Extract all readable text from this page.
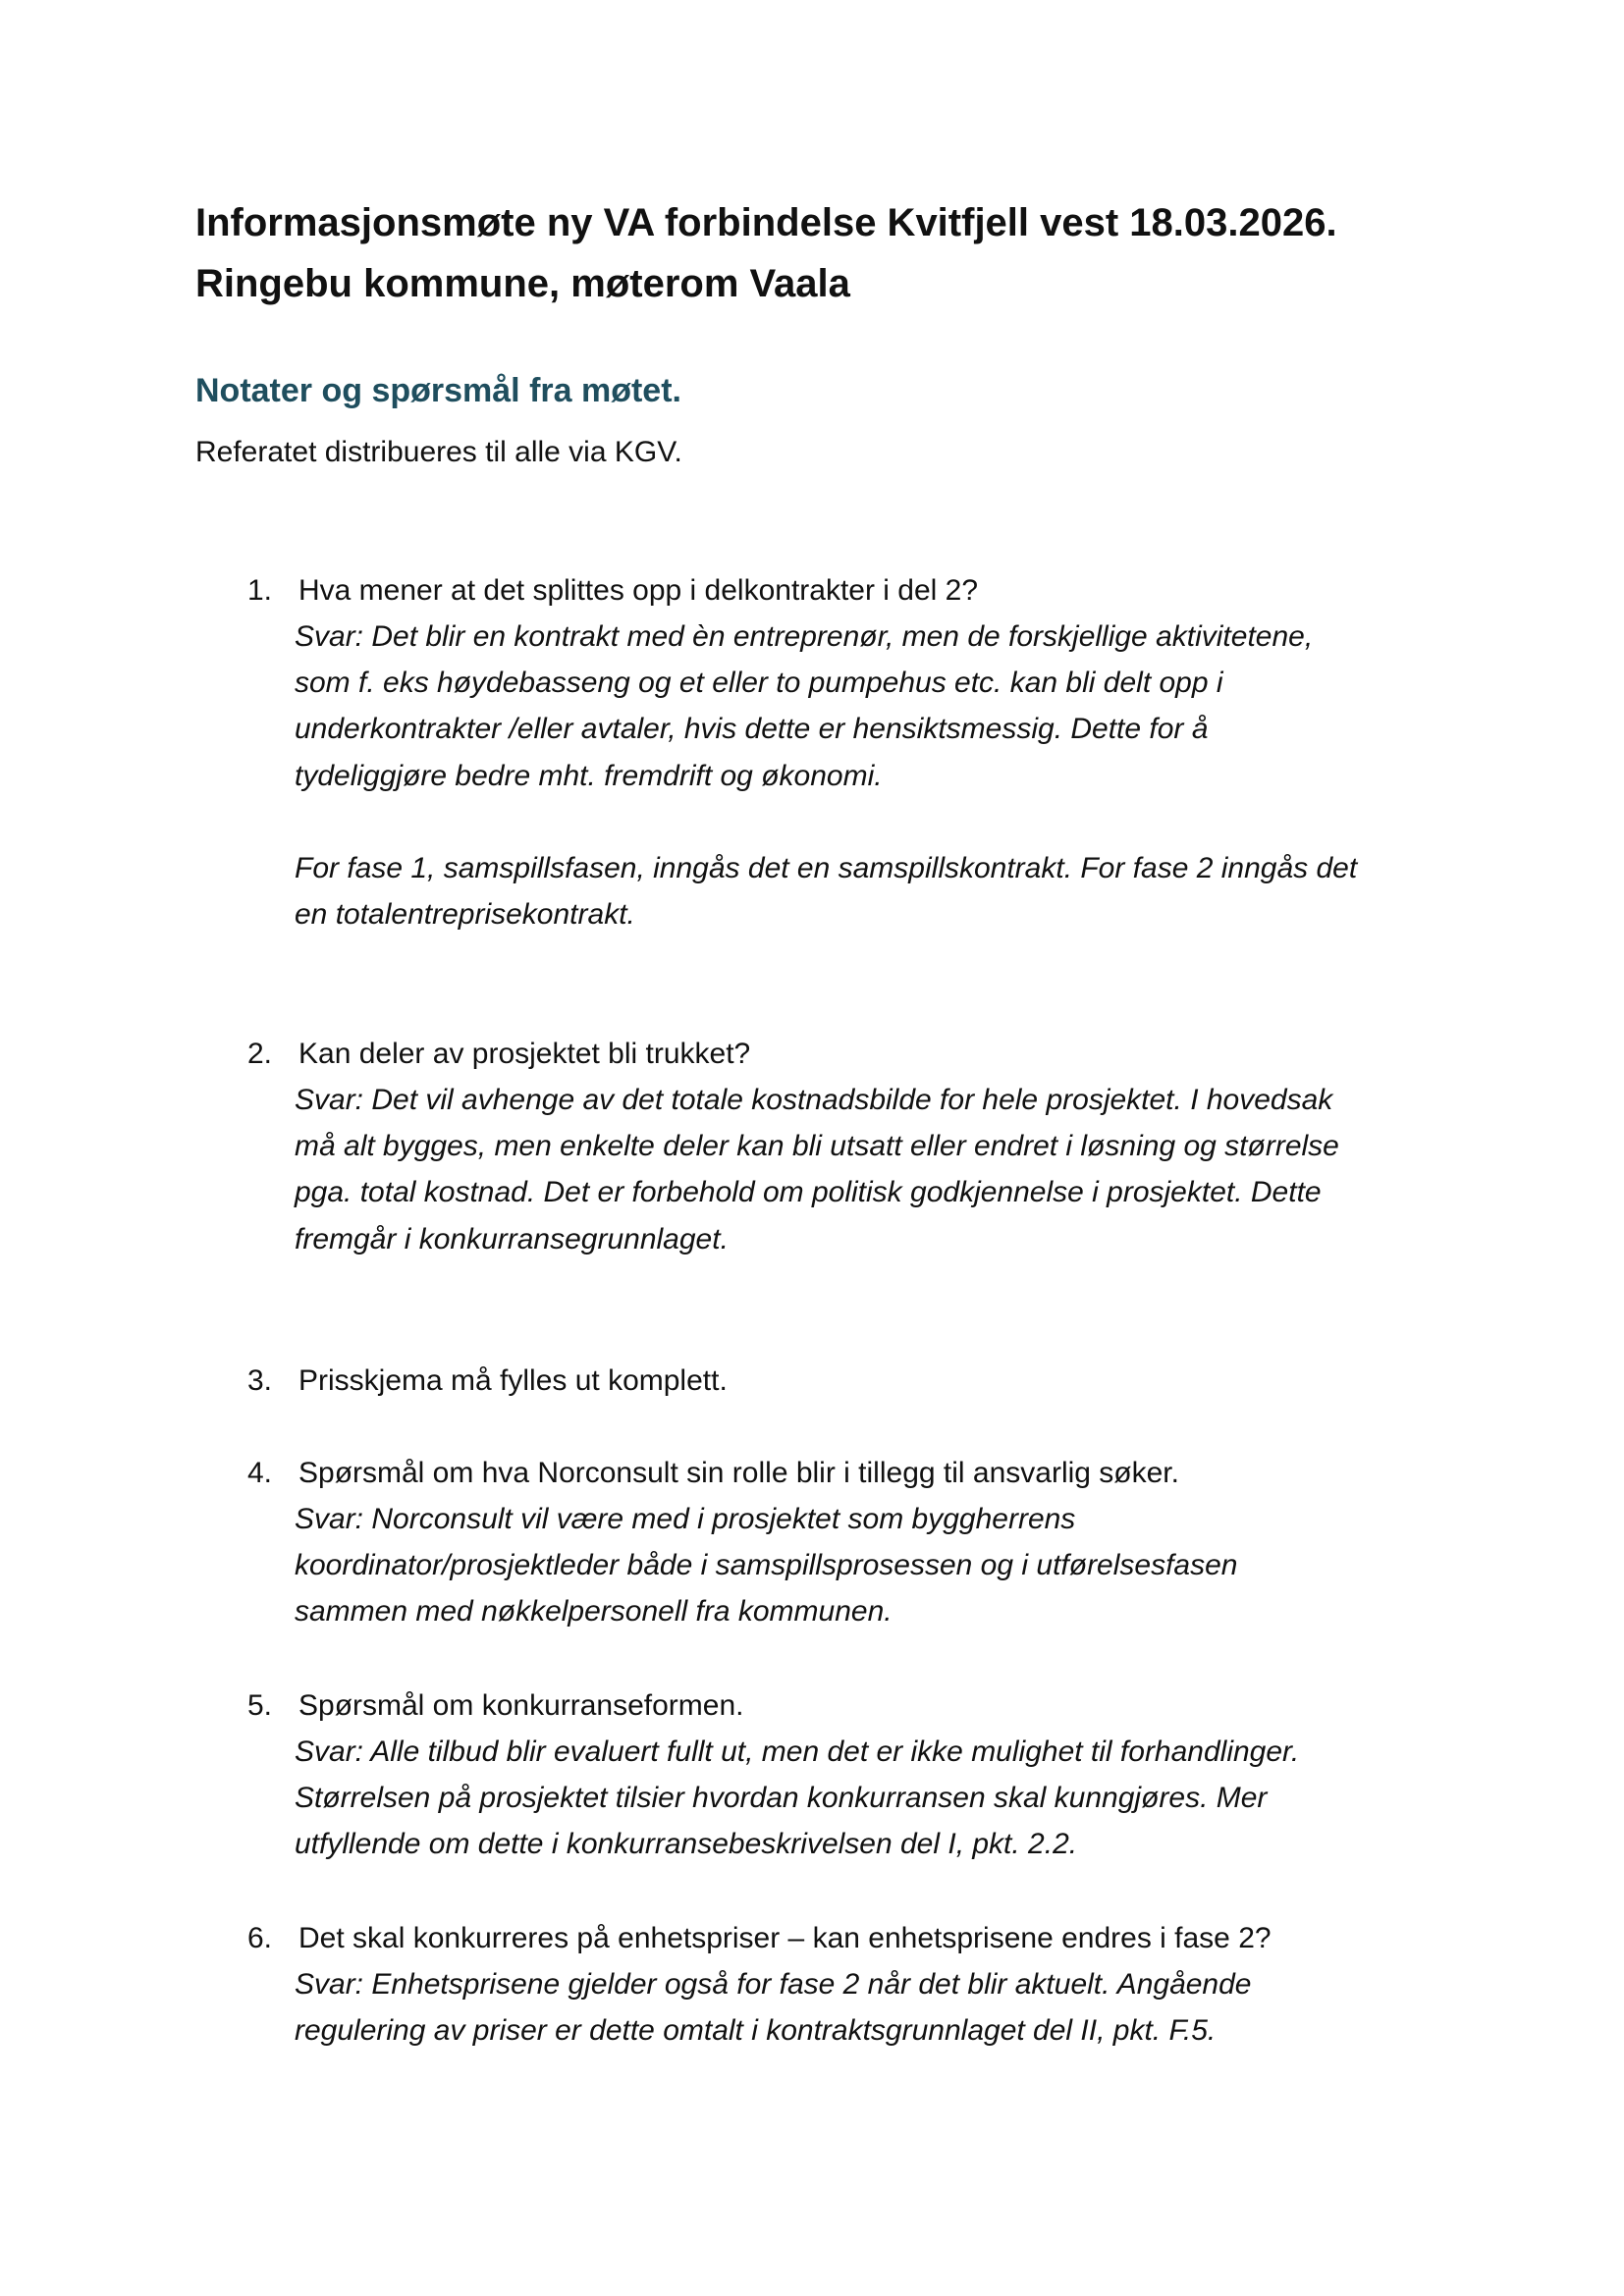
Informasjonsmøte ny VA forbindelse Kvitfjell vest 18.03.2026.
Ringebu kommune, møterom Vaala
Notater og spørsmål fra møtet.

Referatet distribueres til alle via KGV.

1. Hva mener at det splittes opp i delkontrakter i del 2?
Svar: Det blir en kontrakt med èn entreprenør, men de forskjellige aktivitetene,
som f. eks høydebasseng og et eller to pumpehus etc. kan bli delt opp i
underkontrakter /eller avtaler, hvis dette er hensiktsmessig. Dette for å
tydeliggjøre bedre mht. fremdrift og økonomi.
For fase 1, samspillsfasen, inngås det en samspillskontrakt. For fase 2 inngås det
en totalentreprisekontrakt.
2. Kan deler av prosjektet bli trukket?
Svar: Det vil avhenge av det totale kostnadsbilde for hele prosjektet. I hovedsak
må alt bygges, men enkelte deler kan bli utsatt eller endret i løsning og størrelse
pga. total kostnad. Det er forbehold om politisk godkjennelse i prosjektet. Dette
fremgår i konkurransegrunnlaget.
3. Prisskjema må fylles ut komplett.
4. Spørsmål om hva Norconsult sin rolle blir i tillegg til ansvarlig søker.
Svar: Norconsult vil være med i prosjektet som byggherrens
koordinator/prosjektleder både i samspillsprosessen og i utførelsesfasen
sammen med nøkkelpersonell fra kommunen.
5. Spørsmål om konkurranseformen.
Svar: Alle tilbud blir evaluert fullt ut, men det er ikke mulighet til forhandlinger.
Størrelsen på prosjektet tilsier hvordan konkurransen skal kunngjøres. Mer
utfyllende om dette i konkurransebeskrivelsen del I, pkt. 2.2.
6. Det skal konkurreres på enhetspriser – kan enhetsprisene endres i fase 2?
Svar: Enhetsprisene gjelder også for fase 2 når det blir aktuelt. Angående
regulering av priser er dette omtalt i kontraktsgrunnlaget del II, pkt. F.5.
